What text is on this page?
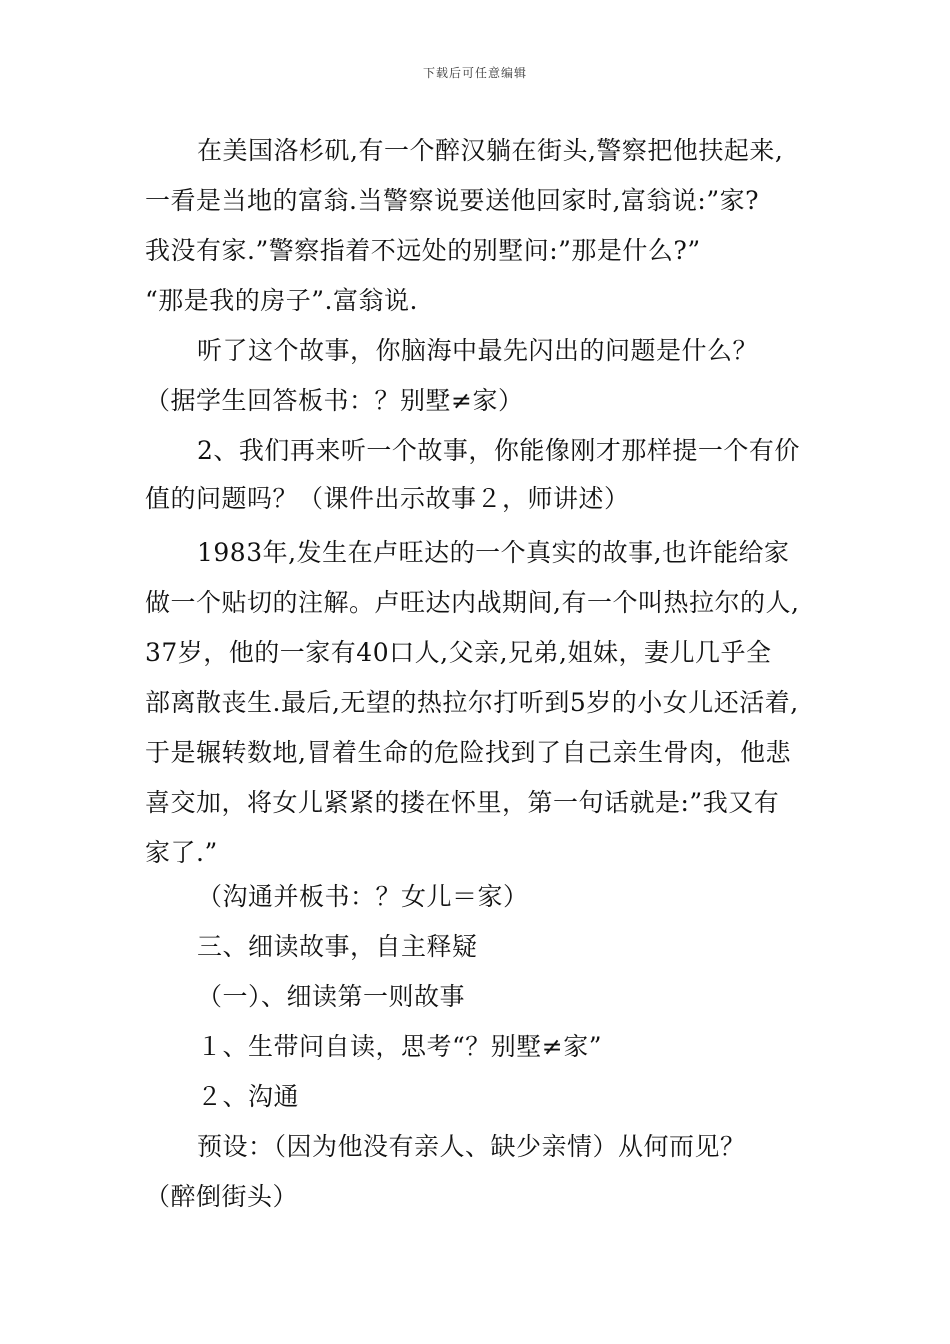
下载后可任意编辑
在美国洛杉矶,有一个醉汉躺在街头,警察把他扶起来,
一看是当地的富翁.当警察说要送他回家时,富翁说:”家?
我没有家.”警察指着不远处的别墅问:”那是什么?”
“那是我的房子”.富翁说.
听了这个故事，你脑海中最先闪出的问题是什么？
（据学生回答板书：？别墅≠家）
2、我们再来听一个故事，你能像刚才那样提一个有价
值的问题吗？（课件出示故事２，师讲述）
1983年,发生在卢旺达的一个真实的故事,也许能给家
做一个贴切的注解。卢旺达内战期间,有一个叫热拉尔的人,
37岁，他的一家有40口人,父亲,兄弟,姐妹，妻儿几乎全
部离散丧生.最后,无望的热拉尔打听到5岁的小女儿还活着,
于是辗转数地,冒着生命的危险找到了自己亲生骨肉，他悲
喜交加，将女儿紧紧的搂在怀里，第一句话就是:”我又有
家了.”
（沟通并板书：？女儿＝家）
三、细读故事，自主释疑
（一）、细读第一则故事
１、生带问自读，思考“？别墅≠家”
２、沟通
预设：（因为他没有亲人、缺少亲情）从何而见？
（醉倒街头）
